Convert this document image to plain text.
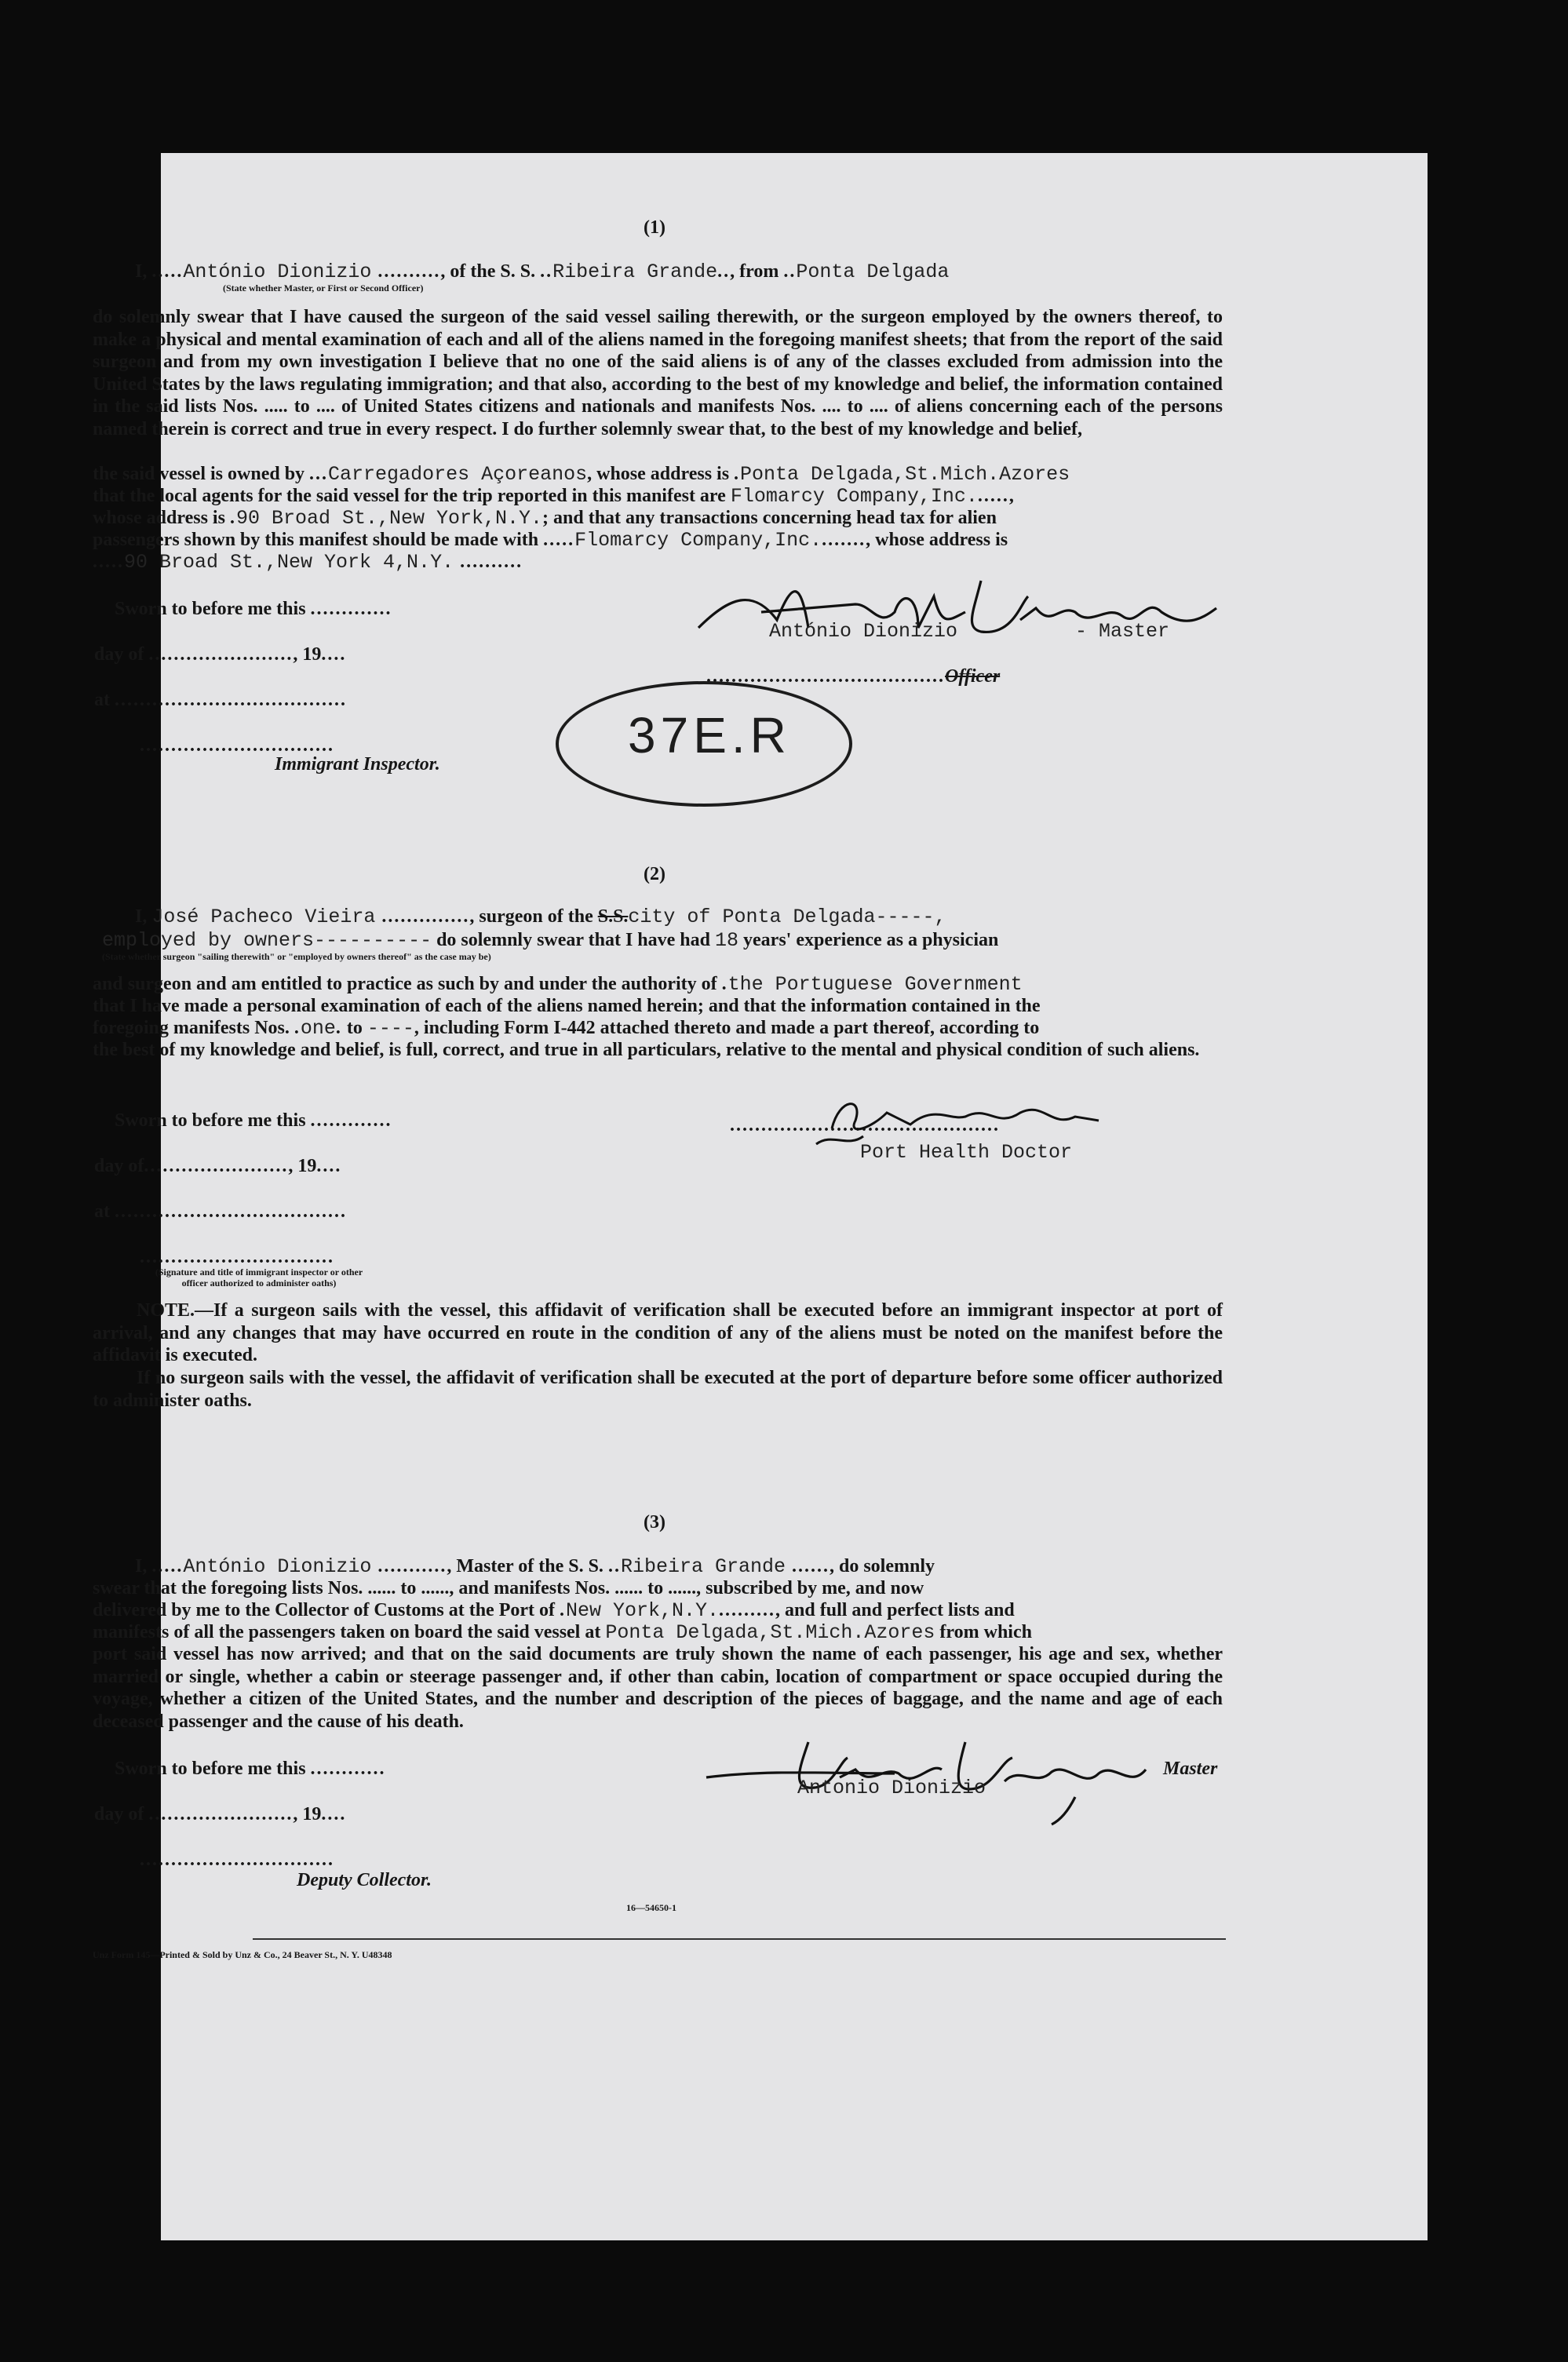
(1)
I, .....António Dionizio .........., of the S. S. ..Ribeira Grande.., from ..Ponta Delgada
(State whether Master, or First or Second Officer)
do solemnly swear that I have caused the surgeon of the said vessel sailing therewith, or the surgeon employed by the owners thereof, to make a physical and mental examination of each and all of the aliens named in the foregoing manifest sheets; that from the report of the said surgeon and from my own investigation I believe that no one of the said aliens is of any of the classes excluded from admission into the United States by the laws regulating immigration; and that also, according to the best of my knowledge and belief, the information contained in the said lists Nos. ..... to .... of United States citizens and nationals and manifests Nos. .... to .... of aliens concerning each of the persons named therein is correct and true in every respect. I do further solemnly swear that, to the best of my knowledge and belief,
the said vessel is owned by ...Carregadores Açoreanos, whose address is .Ponta Delgada,St.Mich.Azores
that the local agents for the said vessel for the trip reported in this manifest are Flomarcy Company,Inc......,
whose address is .90 Broad St.,New York,N.Y.; and that any transactions concerning head tax for alien
passengers shown by this manifest should be made with .....Flomarcy Company,Inc........, whose address is
.....90 Broad St.,New York 4,N.Y. ..........
Sworn to before me this .............
day of ......................., 19....
at .....................................
...............................
Immigrant Inspector.
António Dionizio	- Master
......................................Officer
37E.R
(2)
I, José Pacheco Vieira .............., surgeon of the S.S.city of Ponta Delgada-----,
employed by owners---------- do solemnly swear that I have had 18 years' experience as a physician
(State whether surgeon "sailing therewith" or "employed by owners thereof" as the case may be)
and surgeon and am entitled to practice as such by and under the authority of .the Portuguese Government
that I have made a personal examination of each of the aliens named herein; and that the information contained in the
foregoing manifests Nos. .one. to ----, including Form I-442 attached thereto and made a part thereof, according to
the best of my knowledge and belief, is full, correct, and true in all particulars, relative to the mental and physical condition of such aliens.
Sworn to before me this .............
day of......................., 19....
at .....................................
...............................
(Signature and title of immigrant inspector or other officer authorized to administer oaths)
...........................................
Port Health Doctor
NOTE.—If a surgeon sails with the vessel, this affidavit of verification shall be executed before an immigrant inspector at port of arrival, and any changes that may have occurred en route in the condition of any of the aliens must be noted on the manifest before the affidavit is executed.
If no surgeon sails with the vessel, the affidavit of verification shall be executed at the port of departure before some officer authorized to administer oaths.
(3)
I, .....António Dionizio ..........., Master of the S. S. ..Ribeira Grande ......, do solemnly
swear that the foregoing lists Nos. ...... to ......, and manifests Nos. ...... to ......, subscribed by me, and now
delivered by me to the Collector of Customs at the Port of .New York,N.Y.........., and full and perfect lists and
manifests of all the passengers taken on board the said vessel at Ponta Delgada,St.Mich.Azores from which
port said vessel has now arrived; and that on the said documents are truly shown the name of each passenger, his age and sex, whether married or single, whether a cabin or steerage passenger and, if other than cabin, location of compartment or space occupied during the voyage, whether a citizen of the United States, and the number and description of the pieces of baggage, and the name and age of each deceased passenger and the cause of his death.
Sworn to before me this ............
day of ......................., 19....
...............................
Deputy Collector.
Master
Antonio Dionizio
16—54650-1
Unz Form 145—Printed & Sold by Unz & Co., 24 Beaver St., N. Y. U48348
